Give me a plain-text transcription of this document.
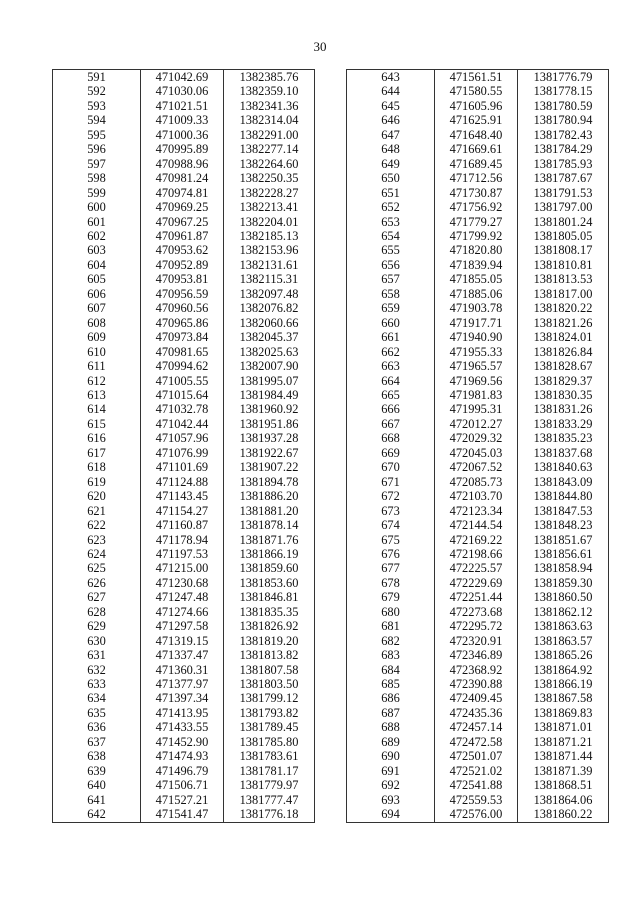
30
591	471042.69	1382385.76
592	471030.06	1382359.10
593	471021.51	1382341.36
594	471009.33	1382314.04
595	471000.36	1382291.00
596	470995.89	1382277.14
597	470988.96	1382264.60
598	470981.24	1382250.35
599	470974.81	1382228.27
600	470969.25	1382213.41
601	470967.25	1382204.01
602	470961.87	1382185.13
603	470953.62	1382153.96
604	470952.89	1382131.61
605	470953.81	1382115.31
606	470956.59	1382097.48
607	470960.56	1382076.82
608	470965.86	1382060.66
609	470973.84	1382045.37
610	470981.65	1382025.63
611	470994.62	1382007.90
612	471005.55	1381995.07
613	471015.64	1381984.49
614	471032.78	1381960.92
615	471042.44	1381951.86
616	471057.96	1381937.28
617	471076.99	1381922.67
618	471101.69	1381907.22
619	471124.88	1381894.78
620	471143.45	1381886.20
621	471154.27	1381881.20
622	471160.87	1381878.14
623	471178.94	1381871.76
624	471197.53	1381866.19
625	471215.00	1381859.60
626	471230.68	1381853.60
627	471247.48	1381846.81
628	471274.66	1381835.35
629	471297.58	1381826.92
630	471319.15	1381819.20
631	471337.47	1381813.82
632	471360.31	1381807.58
633	471377.97	1381803.50
634	471397.34	1381799.12
635	471413.95	1381793.82
636	471433.55	1381789.45
637	471452.90	1381785.80
638	471474.93	1381783.61
639	471496.79	1381781.17
640	471506.71	1381779.97
641	471527.21	1381777.47
642	471541.47	1381776.18
643	471561.51	1381776.79
644	471580.55	1381778.15
645	471605.96	1381780.59
646	471625.91	1381780.94
647	471648.40	1381782.43
648	471669.61	1381784.29
649	471689.45	1381785.93
650	471712.56	1381787.67
651	471730.87	1381791.53
652	471756.92	1381797.00
653	471779.27	1381801.24
654	471799.92	1381805.05
655	471820.80	1381808.17
656	471839.94	1381810.81
657	471855.05	1381813.53
658	471885.06	1381817.00
659	471903.78	1381820.22
660	471917.71	1381821.26
661	471940.90	1381824.01
662	471955.33	1381826.84
663	471965.57	1381828.67
664	471969.56	1381829.37
665	471981.83	1381830.35
666	471995.31	1381831.26
667	472012.27	1381833.29
668	472029.32	1381835.23
669	472045.03	1381837.68
670	472067.52	1381840.63
671	472085.73	1381843.09
672	472103.70	1381844.80
673	472123.34	1381847.53
674	472144.54	1381848.23
675	472169.22	1381851.67
676	472198.66	1381856.61
677	472225.57	1381858.94
678	472229.69	1381859.30
679	472251.44	1381860.50
680	472273.68	1381862.12
681	472295.72	1381863.63
682	472320.91	1381863.57
683	472346.89	1381865.26
684	472368.92	1381864.92
685	472390.88	1381866.19
686	472409.45	1381867.58
687	472435.36	1381869.83
688	472457.14	1381871.01
689	472472.58	1381871.21
690	472501.07	1381871.44
691	472521.02	1381871.39
692	472541.88	1381868.51
693	472559.53	1381864.06
694	472576.00	1381860.22
